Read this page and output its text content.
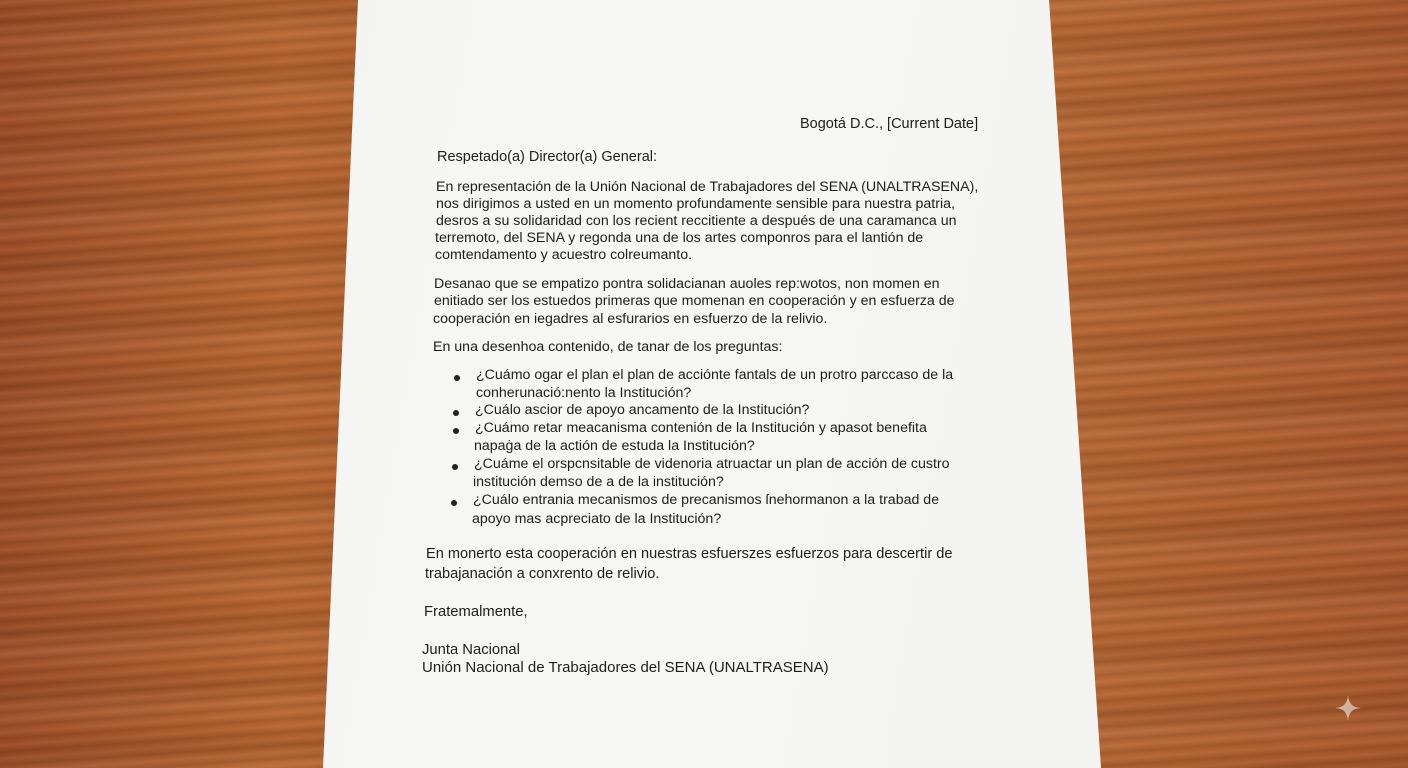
Bogotá D.C., [Current Date]
Respetado(a) Director(a) General:
En representación de la Unión Nacional de Trabajadores del SENA (UNALTRASENA),
nos dirigimos a usted en un momento profundamente sensible para nuestra patria,
desros a su solidaridad con los recient reccitiente a después de una caramanca un
terremoto, del SENA y regonda una de los artes componros para el lantión de
comtendamento y acuestro colreumanto.
Desanao que se empatizo pontra solidacianan auoles rep:wotos, non momen en
enitiado ser los estuedos primeras que momenan en cooperación y en esfuerza de
cooperación en iegadres al esfurarios en esfuerzo de la relivio.
En una desenhoa contenido, de tanar de los preguntas:
¿Cuámo ogar el plan el plan de acciónte fantals de un protro parccaso de la
conherunació:nento la Institución?
¿Cuálo ascior de apoyo ancamento de la Institución?
¿Cuámo retar meacanisma contenión de la Institución y apasot benefita
napaġa de la actión de estuda la Institución?
¿Cuáme el orspcnsitable de videnoria atruactar un plan de acción de custro
institución demso de a de la institución?
¿Cuálo entrania mecanismos de precanismos ſnehormanon a la trabad de
apoyo mas acpreciato de la Institución?
En monerto esta cooperación en nuestras esfuerszes esfuerzos para descertir de
trabajanación a conxrento de relivio.
Fratemalmente,
Junta Nacional
Unión Nacional de Trabajadores del SENA (UNALTRASENA)
